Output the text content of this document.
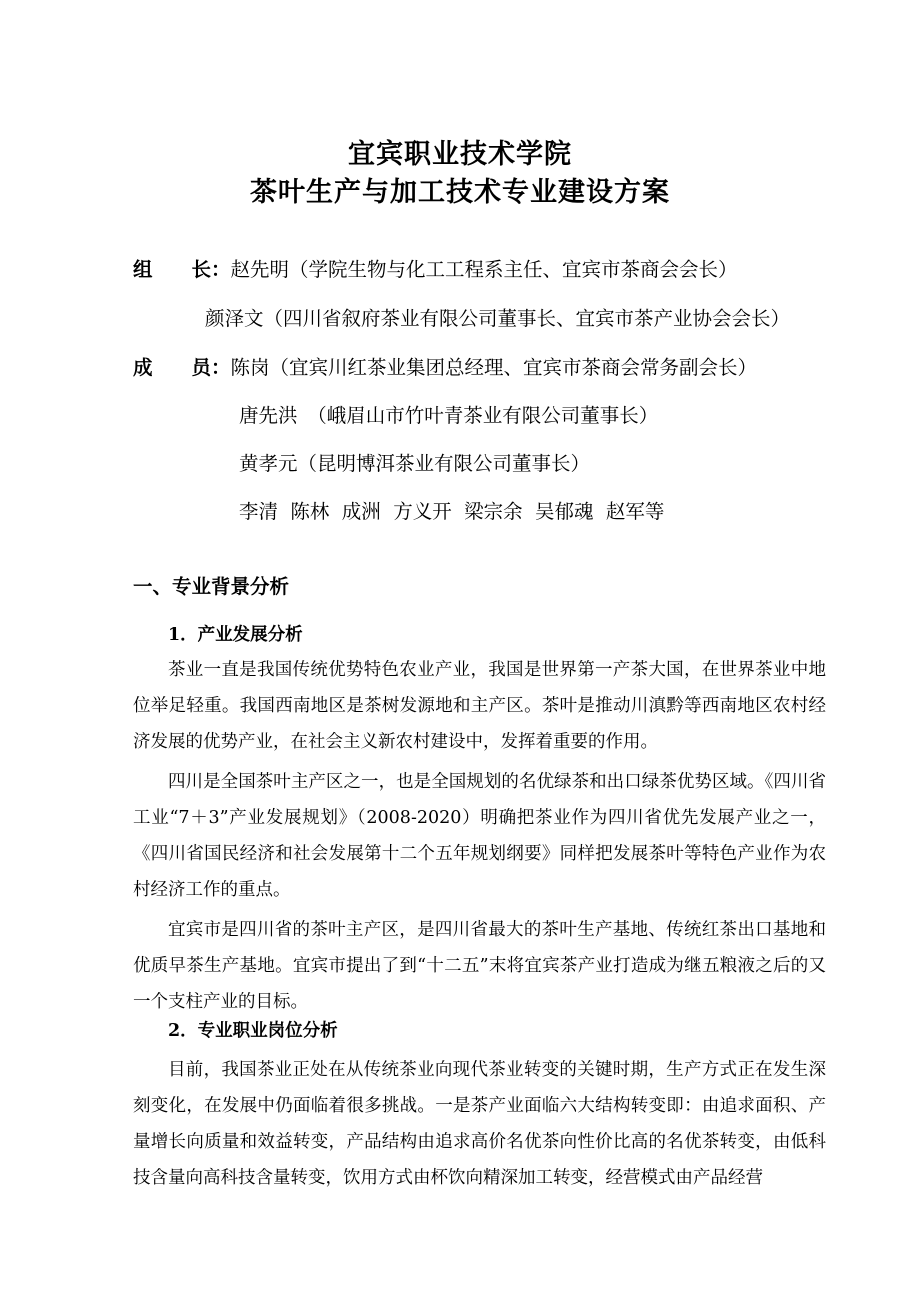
宜宾职业技术学院
茶叶生产与加工技术专业建设方案
组　　长：赵先明（学院生物与化工工程系主任、宜宾市茶商会会长）
颜泽文（四川省叙府茶业有限公司董事长、宜宾市茶产业协会会长）
成　　员：陈岗（宜宾川红茶业集团总经理、宜宾市茶商会常务副会长）
唐先洪　（峨眉山市竹叶青茶业有限公司董事长）
黄孝元（昆明博洱茶业有限公司董事长）
李清  陈林  成洲  方义开  梁宗余  吴郁魂  赵军等
一、专业背景分析
1．产业发展分析

茶业一直是我国传统优势特色农业产业，我国是世界第一产茶大国，在世界茶业中地位举足轻重。我国西南地区是茶树发源地和主产区。茶叶是推动川滇黔等西南地区农村经济发展的优势产业，在社会主义新农村建设中，发挥着重要的作用。

四川是全国茶叶主产区之一，也是全国规划的名优绿茶和出口绿茶优势区域。《四川省工业“7＋3”产业发展规划》（2008-2020）明确把茶业作为四川省优先发展产业之一，《四川省国民经济和社会发展第十二个五年规划纲要》同样把发展茶叶等特色产业作为农村经济工作的重点。

宜宾市是四川省的茶叶主产区，是四川省最大的茶叶生产基地、传统红茶出口基地和优质早茶生产基地。宜宾市提出了到“十二五”末将宜宾茶产业打造成为继五粮液之后的又一个支柱产业的目标。

2．专业职业岗位分析

目前，我国茶业正处在从传统茶业向现代茶业转变的关键时期，生产方式正在发生深刻变化，在发展中仍面临着很多挑战。一是茶产业面临六大结构转变即：由追求面积、产量增长向质量和效益转变，产品结构由追求高价名优茶向性价比高的名优茶转变，由低科技含量向高科技含量转变，饮用方式由杯饮向精深加工转变，经营模式由产品经营
